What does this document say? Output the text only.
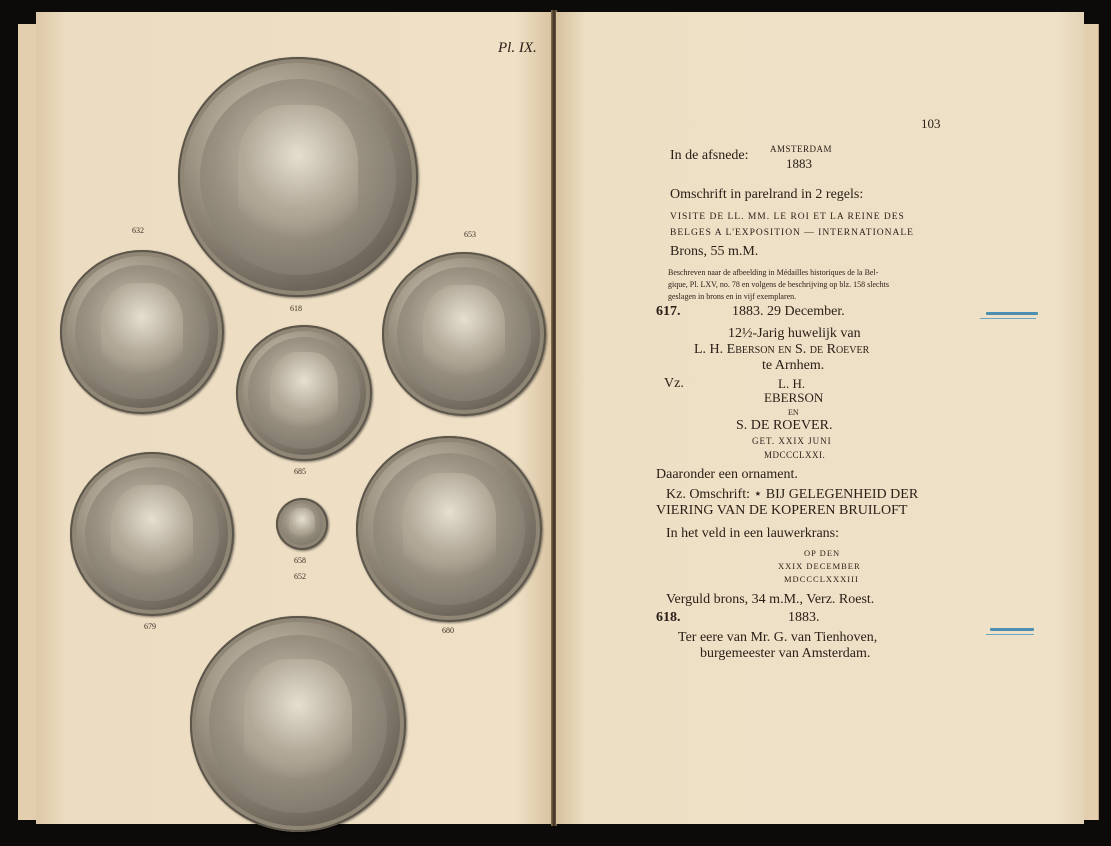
Pl. IX.
618
632	653
685
679
658
652
680
103
In de afsnede: AMSTERDAM
1883
Omschrift in parelrand in 2 regels:
VISITE DE LL. MM. LE ROI ET LA REINE DES
BELGES A L'EXPOSITION — INTERNATIONALE
Brons, 55 m.M.
Beschreven naar de afbeelding in Médailles historiques de la Bel-
gique, Pl. LXV, no. 78 en volgens de beschrijving op blz. 158 slechts
geslagen in brons en in vijf exemplaren.
617.	1883. 29 December.
12½-Jarig huwelijk van
L. H. Eberson en S. de Roever
te Arnhem.
Vz.	L. H.
EBERSON
EN
S. DE ROEVER.
GET. XXIX JUNI
MDCCCLXXI.
Daaronder een ornament.
Kz. Omschrift: ⋆ BIJ GELEGENHEID DER
VIERING VAN DE KOPEREN BRUILOFT
In het veld in een lauwerkrans:
OP DEN
XXIX DECEMBER
MDCCCLXXXIII
Verguld brons, 34 m.M., Verz. Roest.
618.	1883.
Ter eere van Mr. G. van Tienhoven,
burgemeester van Amsterdam.
